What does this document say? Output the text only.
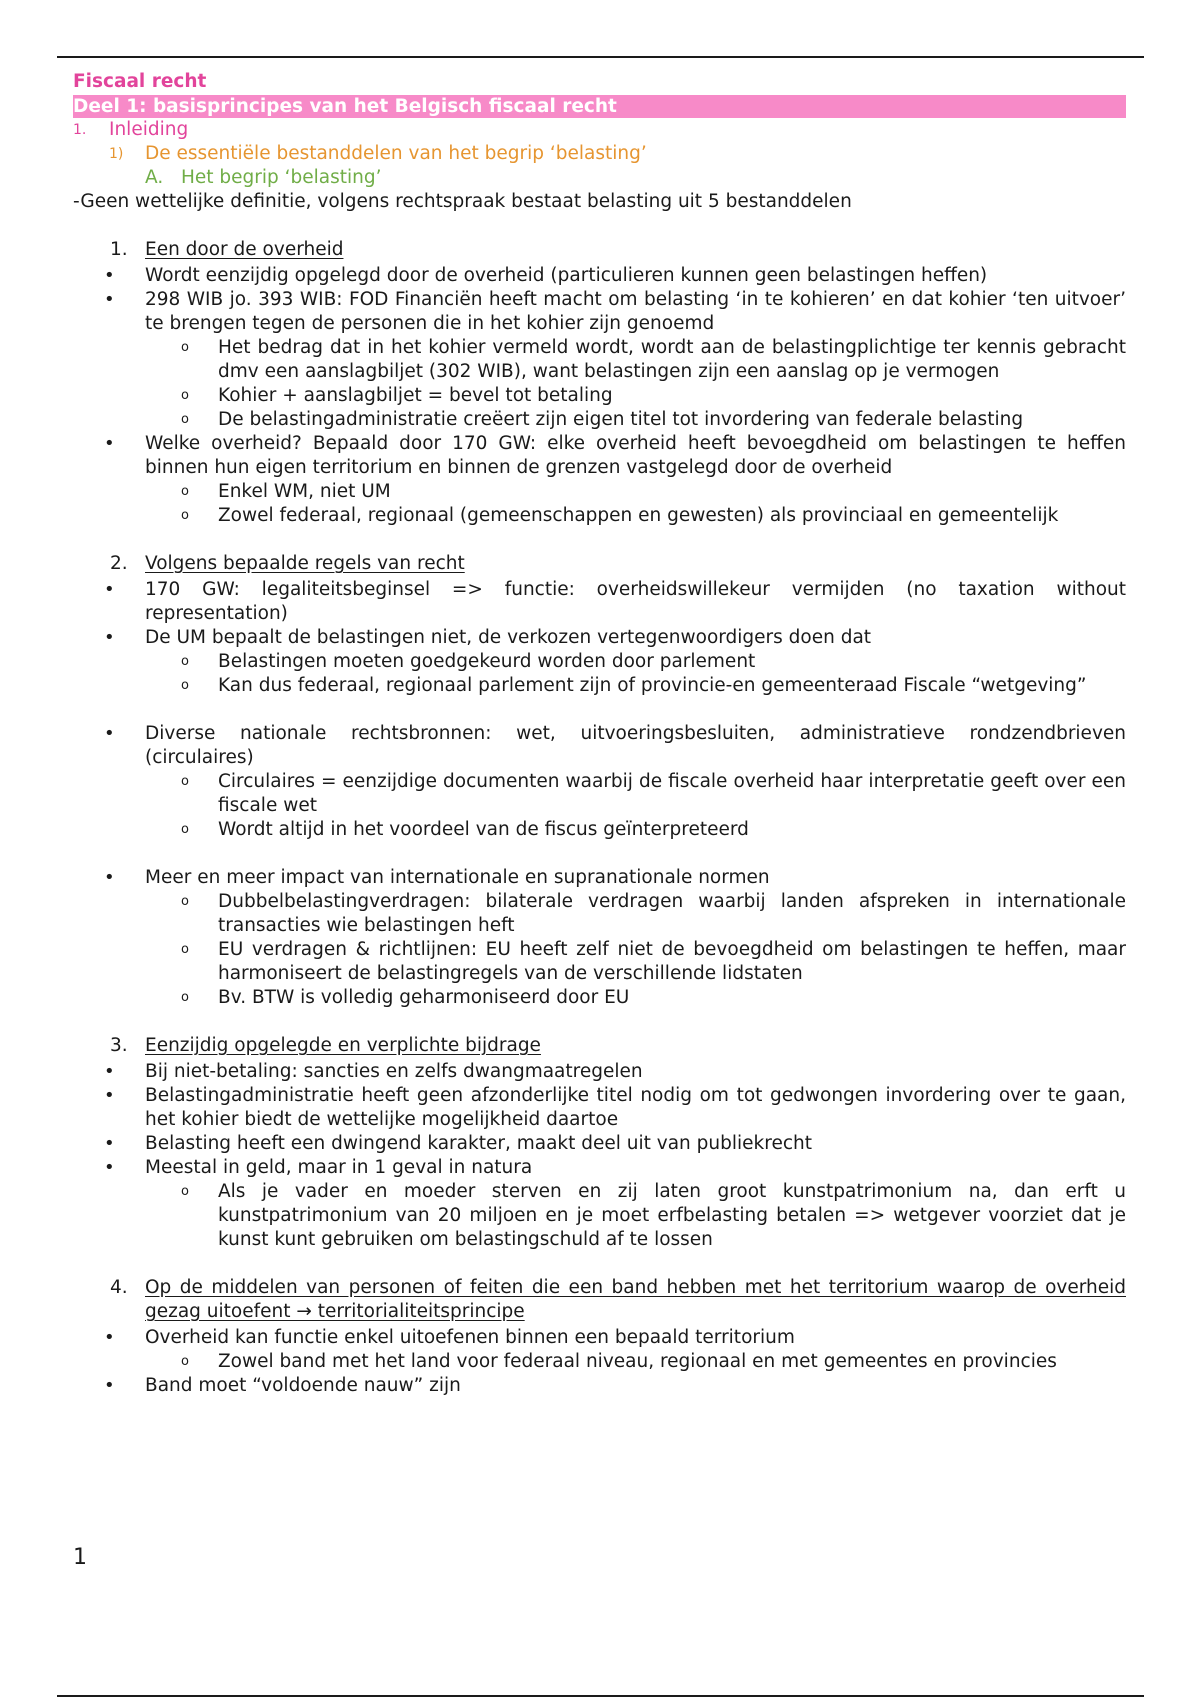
Fiscaal recht
Deel 1: basisprincipes van het Belgisch fiscaal recht
1. Inleiding
1) De essentiële bestanddelen van het begrip ‘belasting’
A. Het begrip ‘belasting’
-Geen wettelijke definitie, volgens rechtspraak bestaat belasting uit 5 bestanddelen
1. Een door de overheid
• Wordt eenzijdig opgelegd door de overheid (particulieren kunnen geen belastingen heffen)
• 298 WIB jo. 393 WIB: FOD Financiën heeft macht om belasting ‘in te kohieren’ en dat kohier ‘ten uitvoer’ te brengen tegen de personen die in het kohier zijn genoemd
o Het bedrag dat in het kohier vermeld wordt, wordt aan de belastingplichtige ter kennis gebracht dmv een aanslagbiljet (302 WIB), want belastingen zijn een aanslag op je vermogen
o Kohier + aanslagbiljet = bevel tot betaling
o De belastingadministratie creëert zijn eigen titel tot invordering van federale belasting
• Welke overheid? Bepaald door 170 GW: elke overheid heeft bevoegdheid om belastingen te heffen binnen hun eigen territorium en binnen de grenzen vastgelegd door de overheid
o Enkel WM, niet UM
o Zowel federaal, regionaal (gemeenschappen en gewesten) als provinciaal en gemeentelijk
2. Volgens bepaalde regels van recht
• 170 GW: legaliteitsbeginsel => functie: overheidswillekeur vermijden (no taxation without representation)
• De UM bepaalt de belastingen niet, de verkozen vertegenwoordigers doen dat
o Belastingen moeten goedgekeurd worden door parlement
o Kan dus federaal, regionaal parlement zijn of provincie-en gemeenteraad Fiscale “wetgeving”
• Diverse nationale rechtsbronnen: wet, uitvoeringsbesluiten, administratieve rondzendbrieven (circulaires)
o Circulaires = eenzijdige documenten waarbij de fiscale overheid haar interpretatie geeft over een fiscale wet
o Wordt altijd in het voordeel van de fiscus geïnterpreteerd
• Meer en meer impact van internationale en supranationale normen
o Dubbelbelastingverdragen: bilaterale verdragen waarbij landen afspreken in internationale transacties wie belastingen heft
o EU verdragen & richtlijnen: EU heeft zelf niet de bevoegdheid om belastingen te heffen, maar harmoniseert de belastingregels van de verschillende lidstaten
o Bv. BTW is volledig geharmoniseerd door EU
3. Eenzijdig opgelegde en verplichte bijdrage
• Bij niet-betaling: sancties en zelfs dwangmaatregelen
• Belastingadministratie heeft geen afzonderlijke titel nodig om tot gedwongen invordering over te gaan, het kohier biedt de wettelijke mogelijkheid daartoe
• Belasting heeft een dwingend karakter, maakt deel uit van publiekrecht
• Meestal in geld, maar in 1 geval in natura
o Als je vader en moeder sterven en zij laten groot kunstpatrimonium na, dan erft u kunstpatrimonium van 20 miljoen en je moet erfbelasting betalen => wetgever voorziet dat je kunst kunt gebruiken om belastingschuld af te lossen
4. Op de middelen van personen of feiten die een band hebben met het territorium waarop de overheid gezag uitoefent → territorialiteitsprincipe
• Overheid kan functie enkel uitoefenen binnen een bepaald territorium
o Zowel band met het land voor federaal niveau, regionaal en met gemeentes en provincies
• Band moet “voldoende nauw” zijn
1
